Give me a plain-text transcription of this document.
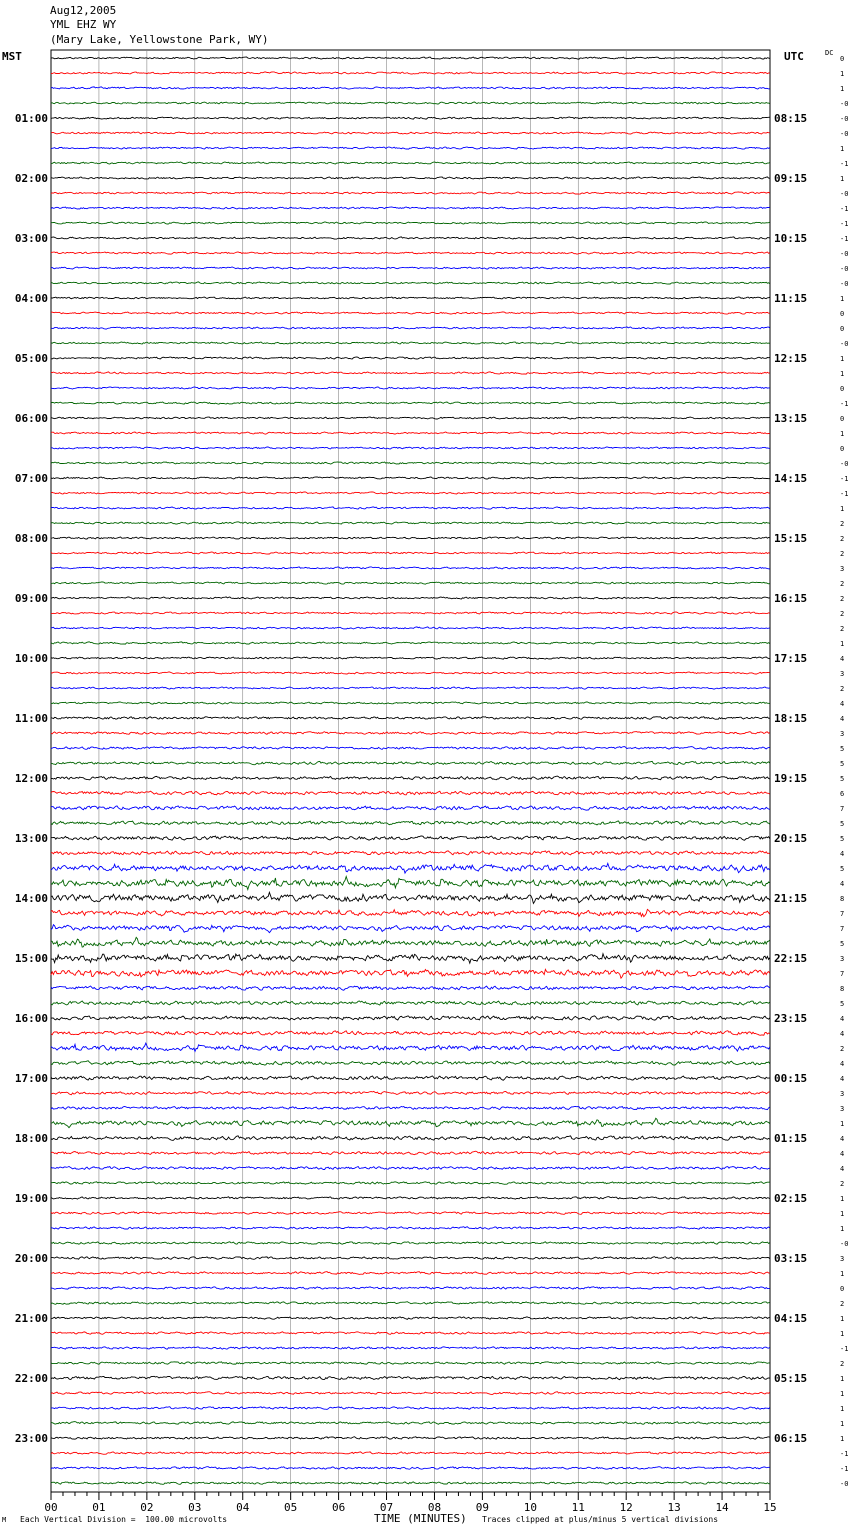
Aug12,2005
YML EHZ WY
(Mary Lake, Yellowstone Park, WY)
MST	UTC	DC
00	01	02	03	04	05	06	07	08	09	10	11	12	13	14	15
0
1
1
-0
-0
-0
1
-1
1
-0
-1
-1
-1
-0
-0
-0
1
0
0
-0
1
1
0
-1
0
1
0
-0
-1
-1
1
2
2
2
3
2
2
2
2
1
4
3
2
4
4
3
5
5
5
6
7
5
5
4
5
4
8
7
7
5
3
7
8
5
4
4
2
4
4
3
3
1
4
4
4
2
1
1
1
-0
3
1
0
2
1
1
-1
2
1
1
1
1
1
-1
-1
-0
01:00	08:15
02:00	09:15
03:00	10:15
04:00	11:15
05:00	12:15
06:00	13:15
07:00	14:15
08:00	15:15
09:00	16:15
10:00	17:15
11:00	18:15
12:00	19:15
13:00	20:15
14:00	21:15
15:00	22:15
16:00	23:15
17:00	00:15
18:00	01:15
19:00	02:15
20:00	03:15
21:00	04:15
22:00	05:15
23:00	06:15
M Each Vertical Division =  100.00 microvolts	TIME (MINUTES) Traces clipped at plus/minus 5 vertical divisions
